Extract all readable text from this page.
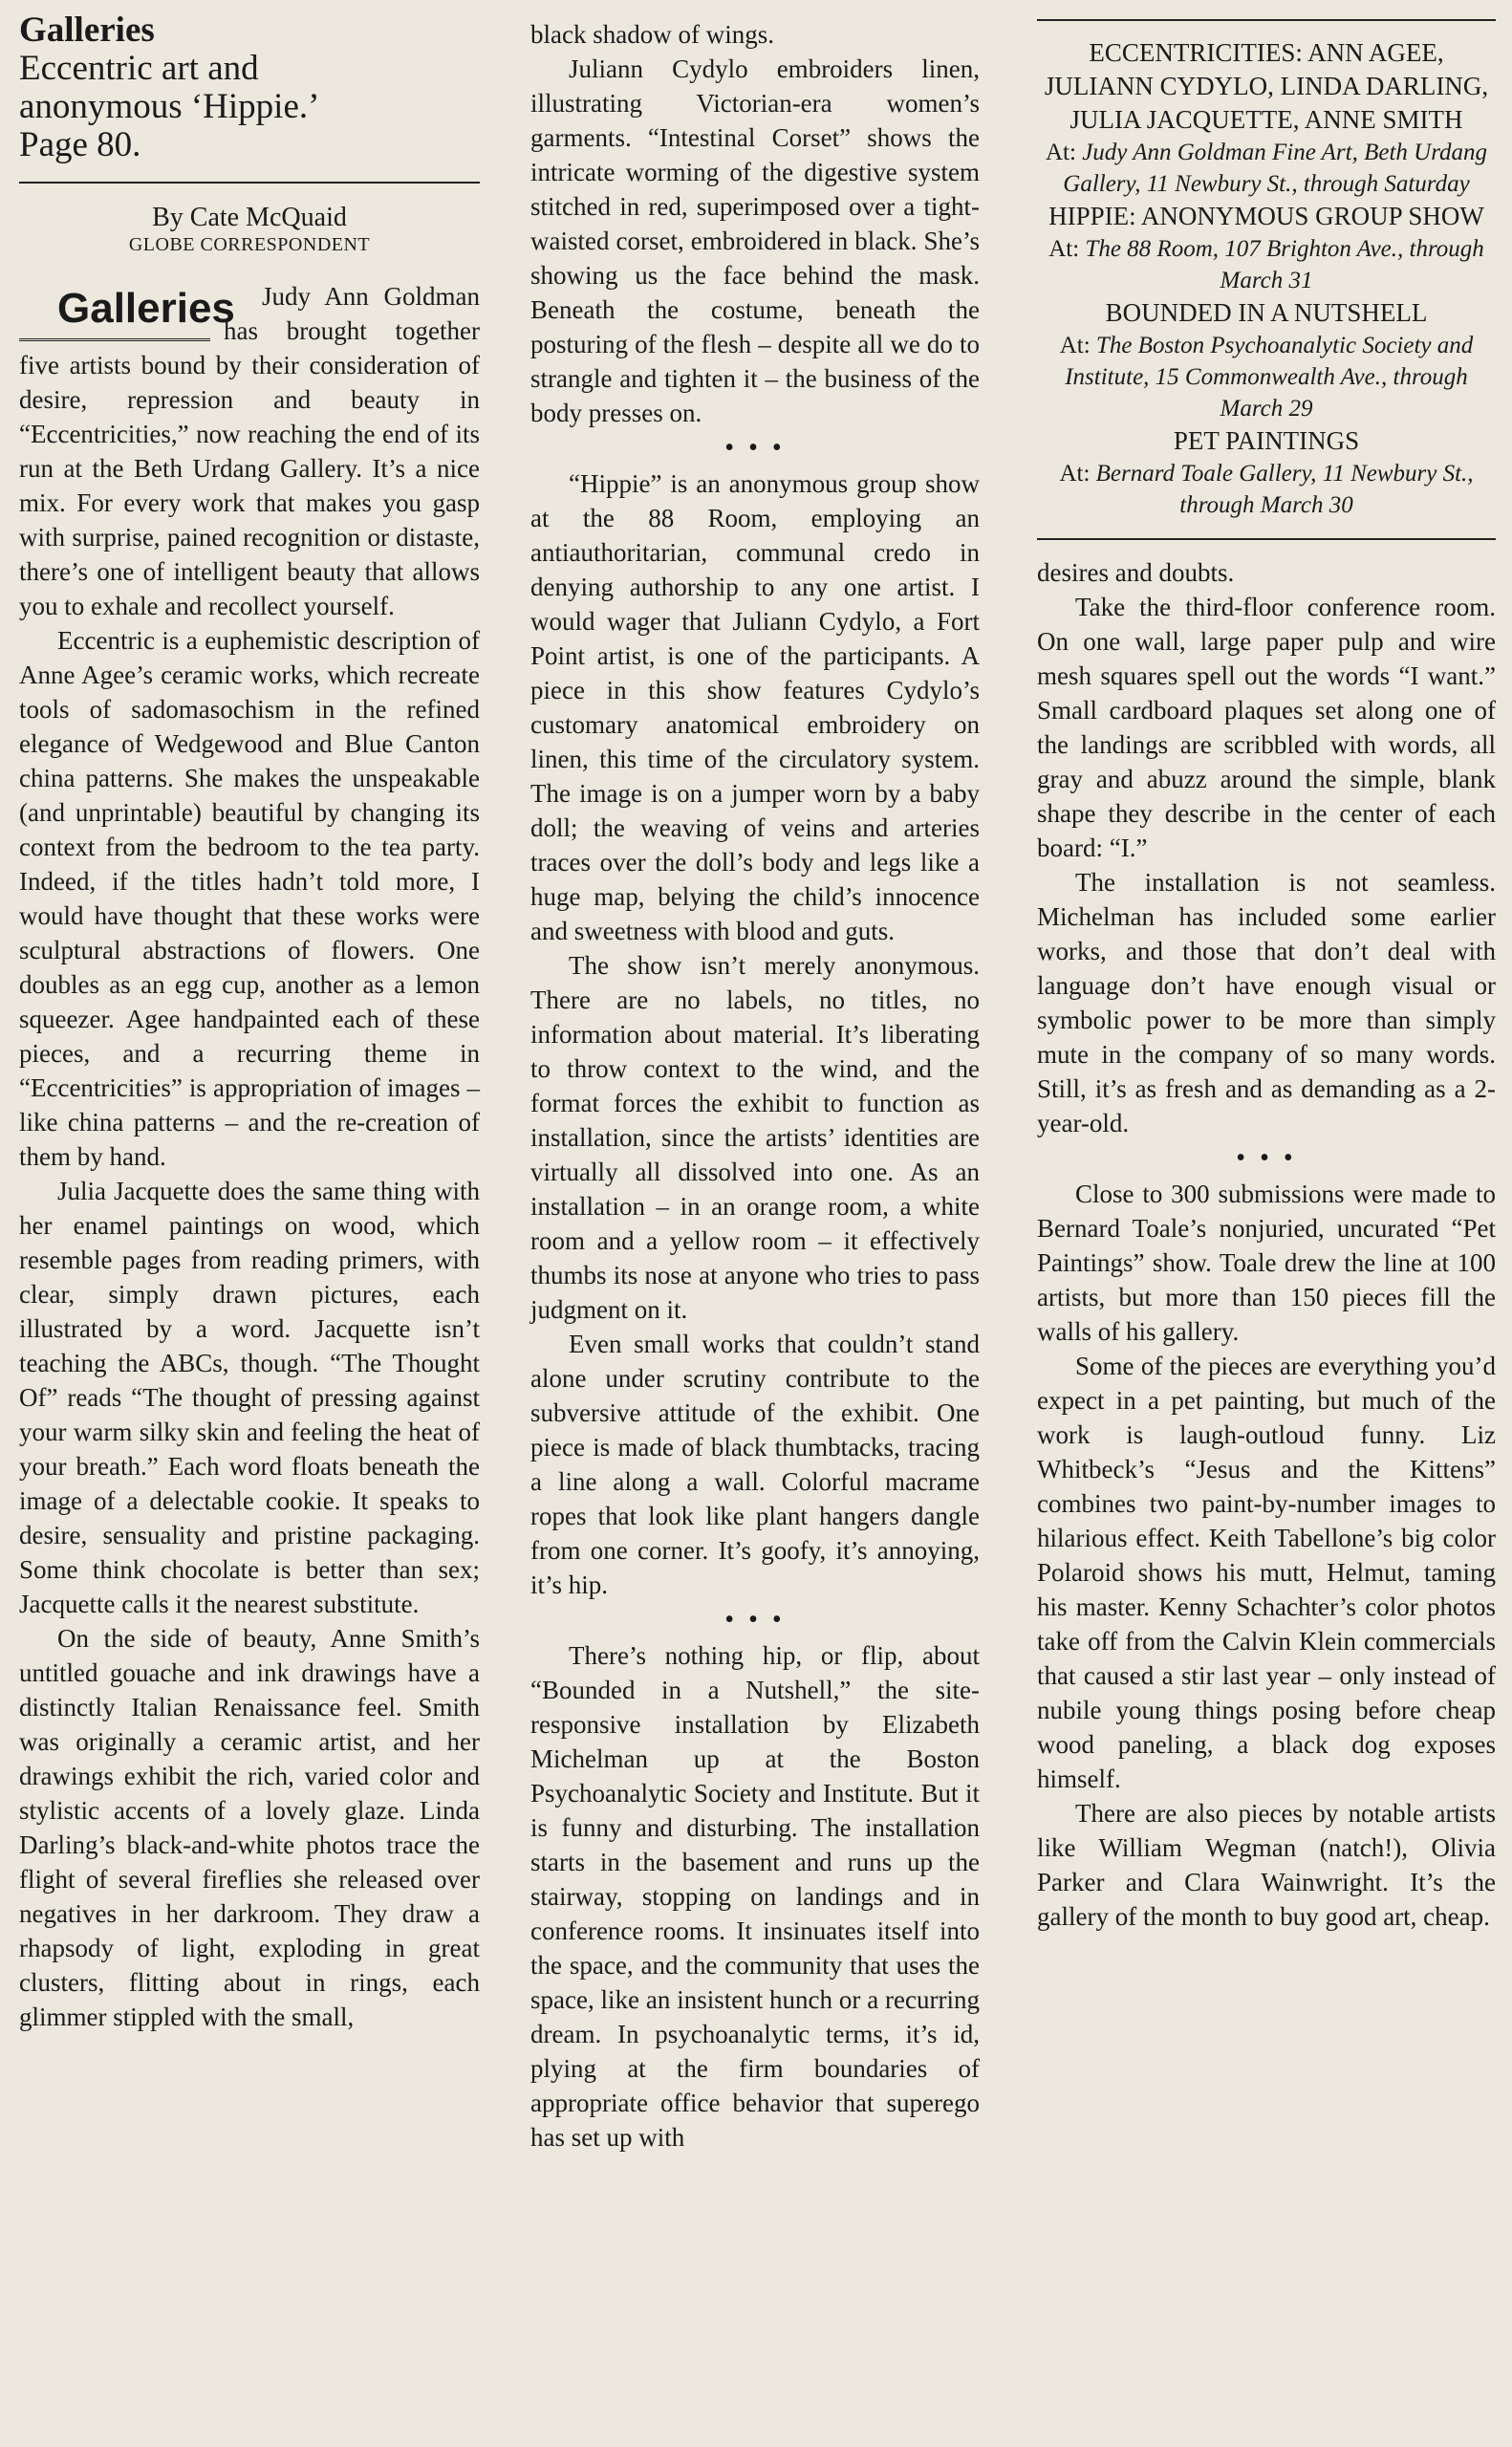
Galleries
Eccentric art and
anonymous ‘Hippie.’
Page 80.
By Cate McQuaid
GLOBE CORRESPONDENT

Galleries Judy Ann Goldman has brought together five artists bound by their consideration of desire, repression and beauty in “Eccentricities,” now reaching the end of its run at the Beth Urdang Gallery. It’s a nice mix. For every work that makes you gasp with surprise, pained recognition or distaste, there’s one of intelligent beauty that allows you to exhale and recollect yourself.

Eccentric is a euphemistic description of Anne Agee’s ceramic works, which recreate tools of sadomasochism in the refined elegance of Wedgewood and Blue Canton china patterns. She makes the unspeakable (and unprintable) beautiful by changing its context from the bedroom to the tea party. Indeed, if the titles hadn’t told more, I would have thought that these works were sculptural abstractions of flowers. One doubles as an egg cup, another as a lemon squeezer. Agee handpainted each of these pieces, and a recurring theme in “Eccentricities” is appropriation of images – like china patterns – and the re-creation of them by hand.

Julia Jacquette does the same thing with her enamel paintings on wood, which resemble pages from reading primers, with clear, simply drawn pictures, each illustrated by a word. Jacquette isn’t teaching the ABCs, though. “The Thought Of” reads “The thought of pressing against your warm silky skin and feeling the heat of your breath.” Each word floats beneath the image of a delectable cookie. It speaks to desire, sensuality and pristine packaging. Some think chocolate is better than sex; Jacquette calls it the nearest substitute.

On the side of beauty, Anne Smith’s untitled gouache and ink drawings have a distinctly Italian Renaissance feel. Smith was originally a ceramic artist, and her drawings exhibit the rich, varied color and stylistic accents of a lovely glaze. Linda Darling’s black-and-white photos trace the flight of several fireflies she released over negatives in her darkroom. They draw a rhapsody of light, exploding in great clusters, flitting about in rings, each glimmer stippled with the small,

black shadow of wings.

Juliann Cydylo embroiders linen, illustrating Victorian-era women’s garments. “Intestinal Corset” shows the intricate worming of the digestive system stitched in red, superimposed over a tight-waisted corset, embroidered in black. She’s showing us the face behind the mask. Beneath the costume, beneath the posturing of the flesh – despite all we do to strangle and tighten it – the business of the body presses on.

• • •

“Hippie” is an anonymous group show at the 88 Room, employing an antiauthoritarian, communal credo in denying authorship to any one artist. I would wager that Juliann Cydylo, a Fort Point artist, is one of the participants. A piece in this show features Cydylo’s customary anatomical embroidery on linen, this time of the circulatory system. The image is on a jumper worn by a baby doll; the weaving of veins and arteries traces over the doll’s body and legs like a huge map, belying the child’s innocence and sweetness with blood and guts.

The show isn’t merely anonymous. There are no labels, no titles, no information about material. It’s liberating to throw context to the wind, and the format forces the exhibit to function as installation, since the artists’ identities are virtually all dissolved into one. As an installation – in an orange room, a white room and a yellow room – it effectively thumbs its nose at anyone who tries to pass judgment on it.

Even small works that couldn’t stand alone under scrutiny contribute to the subversive attitude of the exhibit. One piece is made of black thumbtacks, tracing a line along a wall. Colorful macrame ropes that look like plant hangers dangle from one corner. It’s goofy, it’s annoying, it’s hip.

• • •

There’s nothing hip, or flip, about “Bounded in a Nutshell,” the site-responsive installation by Elizabeth Michelman up at the Boston Psychoanalytic Society and Institute. But it is funny and disturbing. The installation starts in the basement and runs up the stairway, stopping on landings and in conference rooms. It insinuates itself into the space, and the community that uses the space, like an insistent hunch or a recurring dream. In psychoanalytic terms, it’s id, plying at the firm boundaries of appropriate office behavior that superego has set up with

ECCENTRICITIES: ANN AGEE, JULIANN CYDYLO, LINDA DARLING, JULIA JACQUETTE, ANNE SMITH
At: Judy Ann Goldman Fine Art, Beth Urdang Gallery, 11 Newbury St., through Saturday
HIPPIE: ANONYMOUS GROUP SHOW
At: The 88 Room, 107 Brighton Ave., through March 31
BOUNDED IN A NUTSHELL
At: The Boston Psychoanalytic Society and Institute, 15 Commonwealth Ave., through March 29
PET PAINTINGS
At: Bernard Toale Gallery, 11 Newbury St., through March 30

desires and doubts.

Take the third-floor conference room. On one wall, large paper pulp and wire mesh squares spell out the words “I want.” Small cardboard plaques set along one of the landings are scribbled with words, all gray and abuzz around the simple, blank shape they describe in the center of each board: “I.”

The installation is not seamless. Michelman has included some earlier works, and those that don’t deal with language don’t have enough visual or symbolic power to be more than simply mute in the company of so many words. Still, it’s as fresh and as demanding as a 2-year-old.

• • •

Close to 300 submissions were made to Bernard Toale’s nonjuried, uncurated “Pet Paintings” show. Toale drew the line at 100 artists, but more than 150 pieces fill the walls of his gallery.

Some of the pieces are everything you’d expect in a pet painting, but much of the work is laugh-outloud funny. Liz Whitbeck’s “Jesus and the Kittens” combines two paint-by-number images to hilarious effect. Keith Tabellone’s big color Polaroid shows his mutt, Helmut, taming his master. Kenny Schachter’s color photos take off from the Calvin Klein commercials that caused a stir last year – only instead of nubile young things posing before cheap wood paneling, a black dog exposes himself.

There are also pieces by notable artists like William Wegman (natch!), Olivia Parker and Clara Wainwright. It’s the gallery of the month to buy good art, cheap.
